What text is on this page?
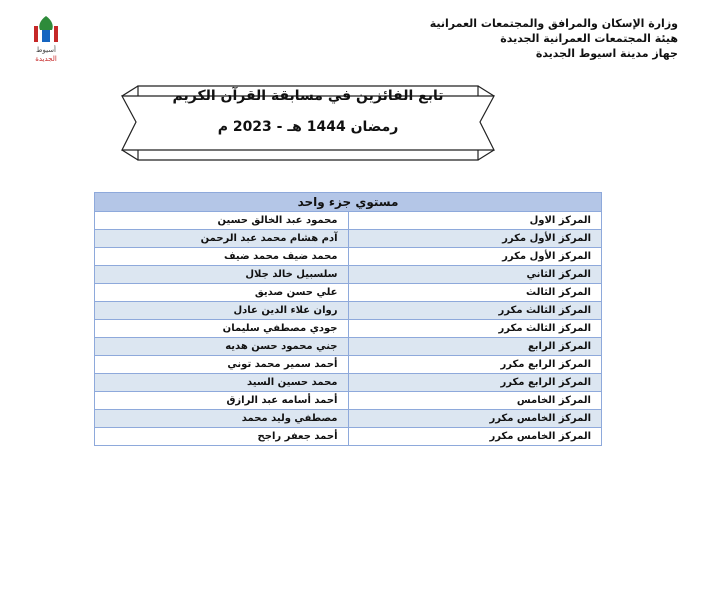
وزارة الإسكان والمرافق والمجتمعات العمرانية
هيئة المجتمعات العمرانية الجديدة
جهاز مدينة اسيوط الجديدة
أسيوط
الجديدة
تابع الفائزين في مسابقة القرآن الكريم
رمضان 1444 هـ - 2023 م
مستوي جزء واحد	
المركز الاول	محمود عبد الخالق حسين
المركز الأول مكرر	آدم هشام محمد عبد الرحمن
المركز الأول مكرر	محمد ضيف محمد ضيف
المركز الثاني	سلسبيل خالد جلال
المركز الثالث	علي حسن صديق
المركز الثالث مكرر	روان علاء الدين عادل
المركز الثالث مكرر	جودي مصطفي سليمان
المركز الرابع	جني محمود حسن هديه
المركز الرابع مكرر	أحمد سمير محمد توني
المركز الرابع مكرر	محمد حسين السيد
المركز الخامس	أحمد أسامه عبد الرازق
المركز الخامس مكرر	مصطفي وليد محمد
المركز الخامس مكرر	أحمد جعفر راجح
